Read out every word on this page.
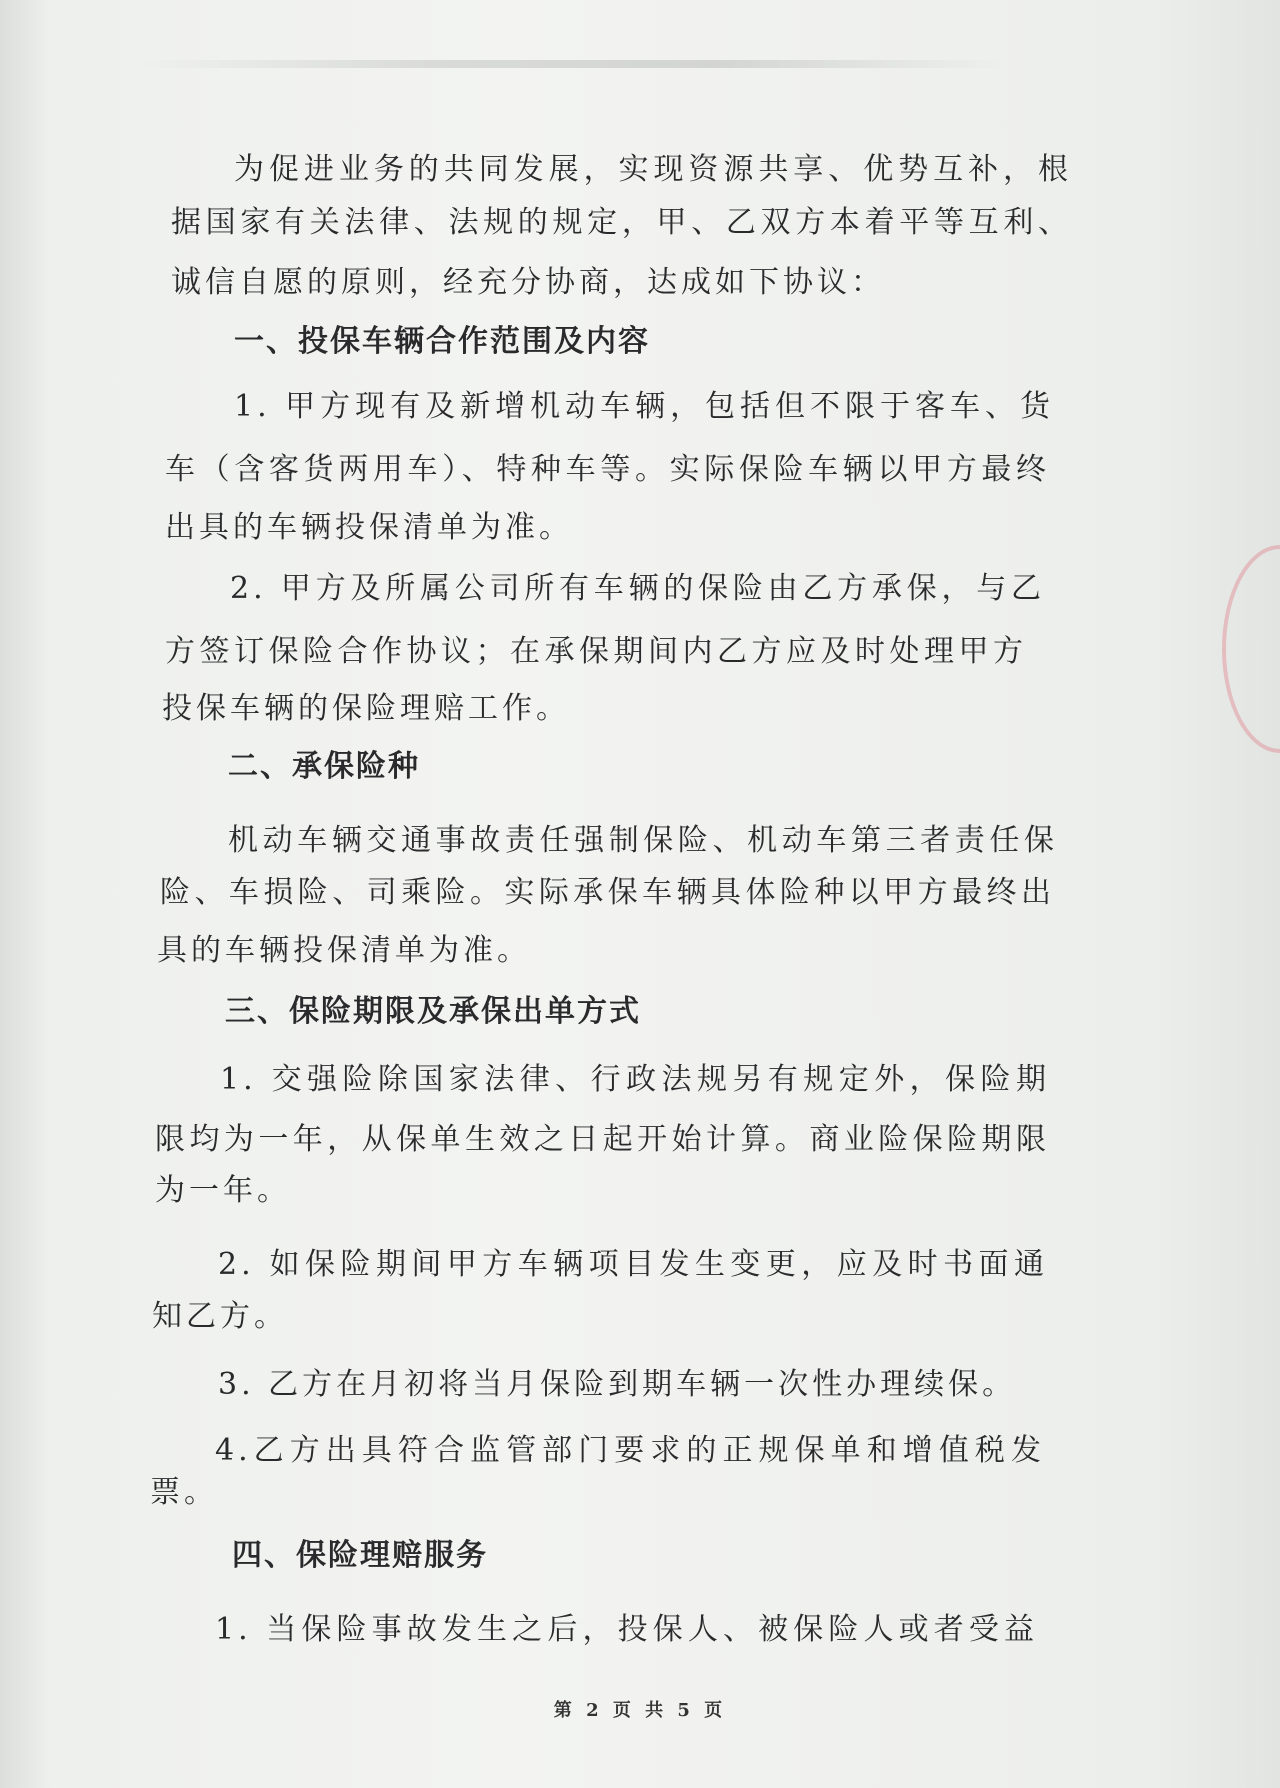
为促进业务的共同发展，实现资源共享、优势互补，根
据国家有关法律、法规的规定，甲、乙双方本着平等互利、
诚信自愿的原则，经充分协商，达成如下协议：
一、投保车辆合作范围及内容
1. 甲方现有及新增机动车辆，包括但不限于客车、货
车（含客货两用车）、特种车等。实际保险车辆以甲方最终
出具的车辆投保清单为准。
2. 甲方及所属公司所有车辆的保险由乙方承保，与乙
方签订保险合作协议；在承保期间内乙方应及时处理甲方
投保车辆的保险理赔工作。
二、承保险种
机动车辆交通事故责任强制保险、机动车第三者责任保
险、车损险、司乘险。实际承保车辆具体险种以甲方最终出
具的车辆投保清单为准。
三、保险期限及承保出单方式
1. 交强险除国家法律、行政法规另有规定外，保险期
限均为一年，从保单生效之日起开始计算。商业险保险期限
为一年。
2. 如保险期间甲方车辆项目发生变更，应及时书面通
知乙方。
3. 乙方在月初将当月保险到期车辆一次性办理续保。
4.乙方出具符合监管部门要求的正规保单和增值税发
票。
四、保险理赔服务
1. 当保险事故发生之后，投保人、被保险人或者受益
第 2 页 共 5 页
